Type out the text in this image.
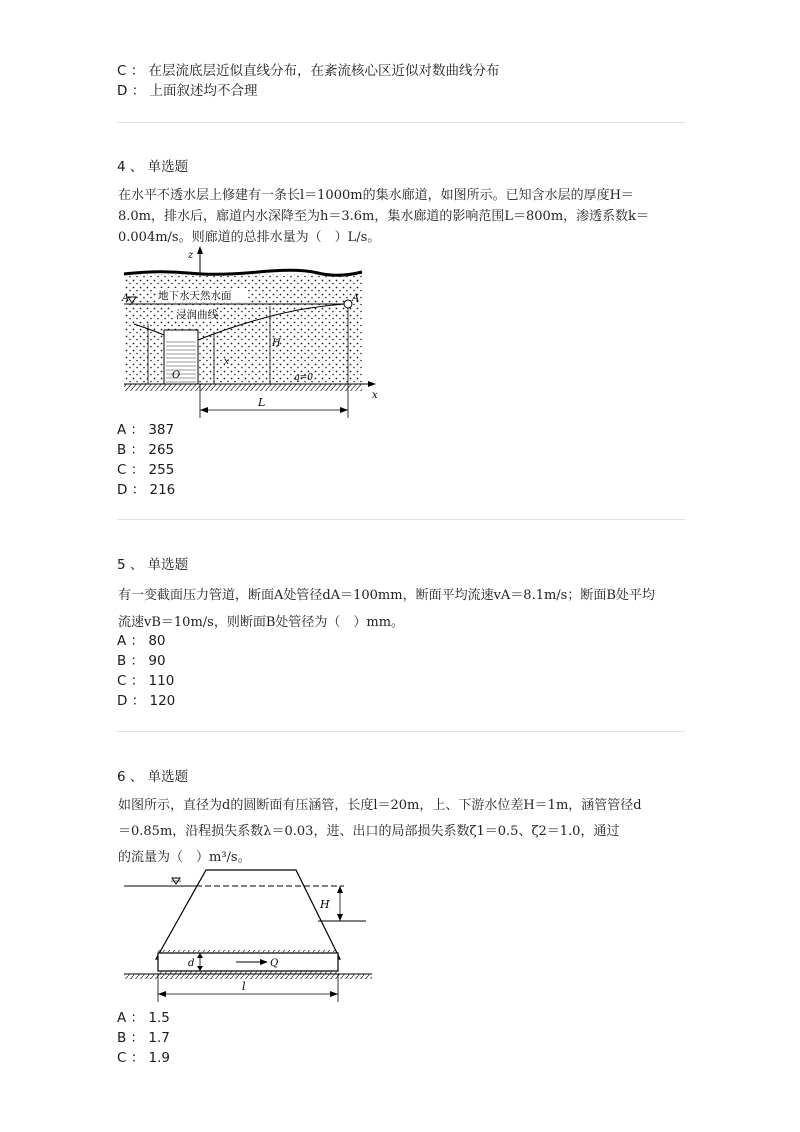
C ： 在层流底层近似直线分布，在紊流核心区近似对数曲线分布
D ： 上面叙述均不合理
4 、 单选题
在水平不透水层上修建有一条长l＝1000m的集水廊道，如图所示。已知含水层的厚度H＝
8.0m，排水后，廊道内水深降至为h＝3.6m，集水廊道的影响范围L＝800m，渗透系数k＝
0.004m/s。则廊道的总排水量为（　）L/s。
z
A	A
地下水天然水面
浸润曲线
O
x
H
q=0
x
L
A ： 387
B ： 265
C ： 255
D ： 216
5 、 单选题
有一变截面压力管道，断面A处管径dA＝100mm，断面平均流速vA＝8.1m/s；断面B处平均
流速vB＝10m/s，则断面B处管径为（　）mm。
A ： 80
B ： 90
C ： 110
D ： 120
6 、 单选题
如图所示，直径为d的圆断面有压涵管，长度l＝20m，上、下游水位差H＝1m，涵管管径d
＝0.85m，沿程损失系数λ＝0.03，进、出口的局部损失系数ζ1＝0.5、ζ2＝1.0，通过
的流量为（　）m³/s。
H
d	Q
l
A ： 1.5
B ： 1.7
C ： 1.9
